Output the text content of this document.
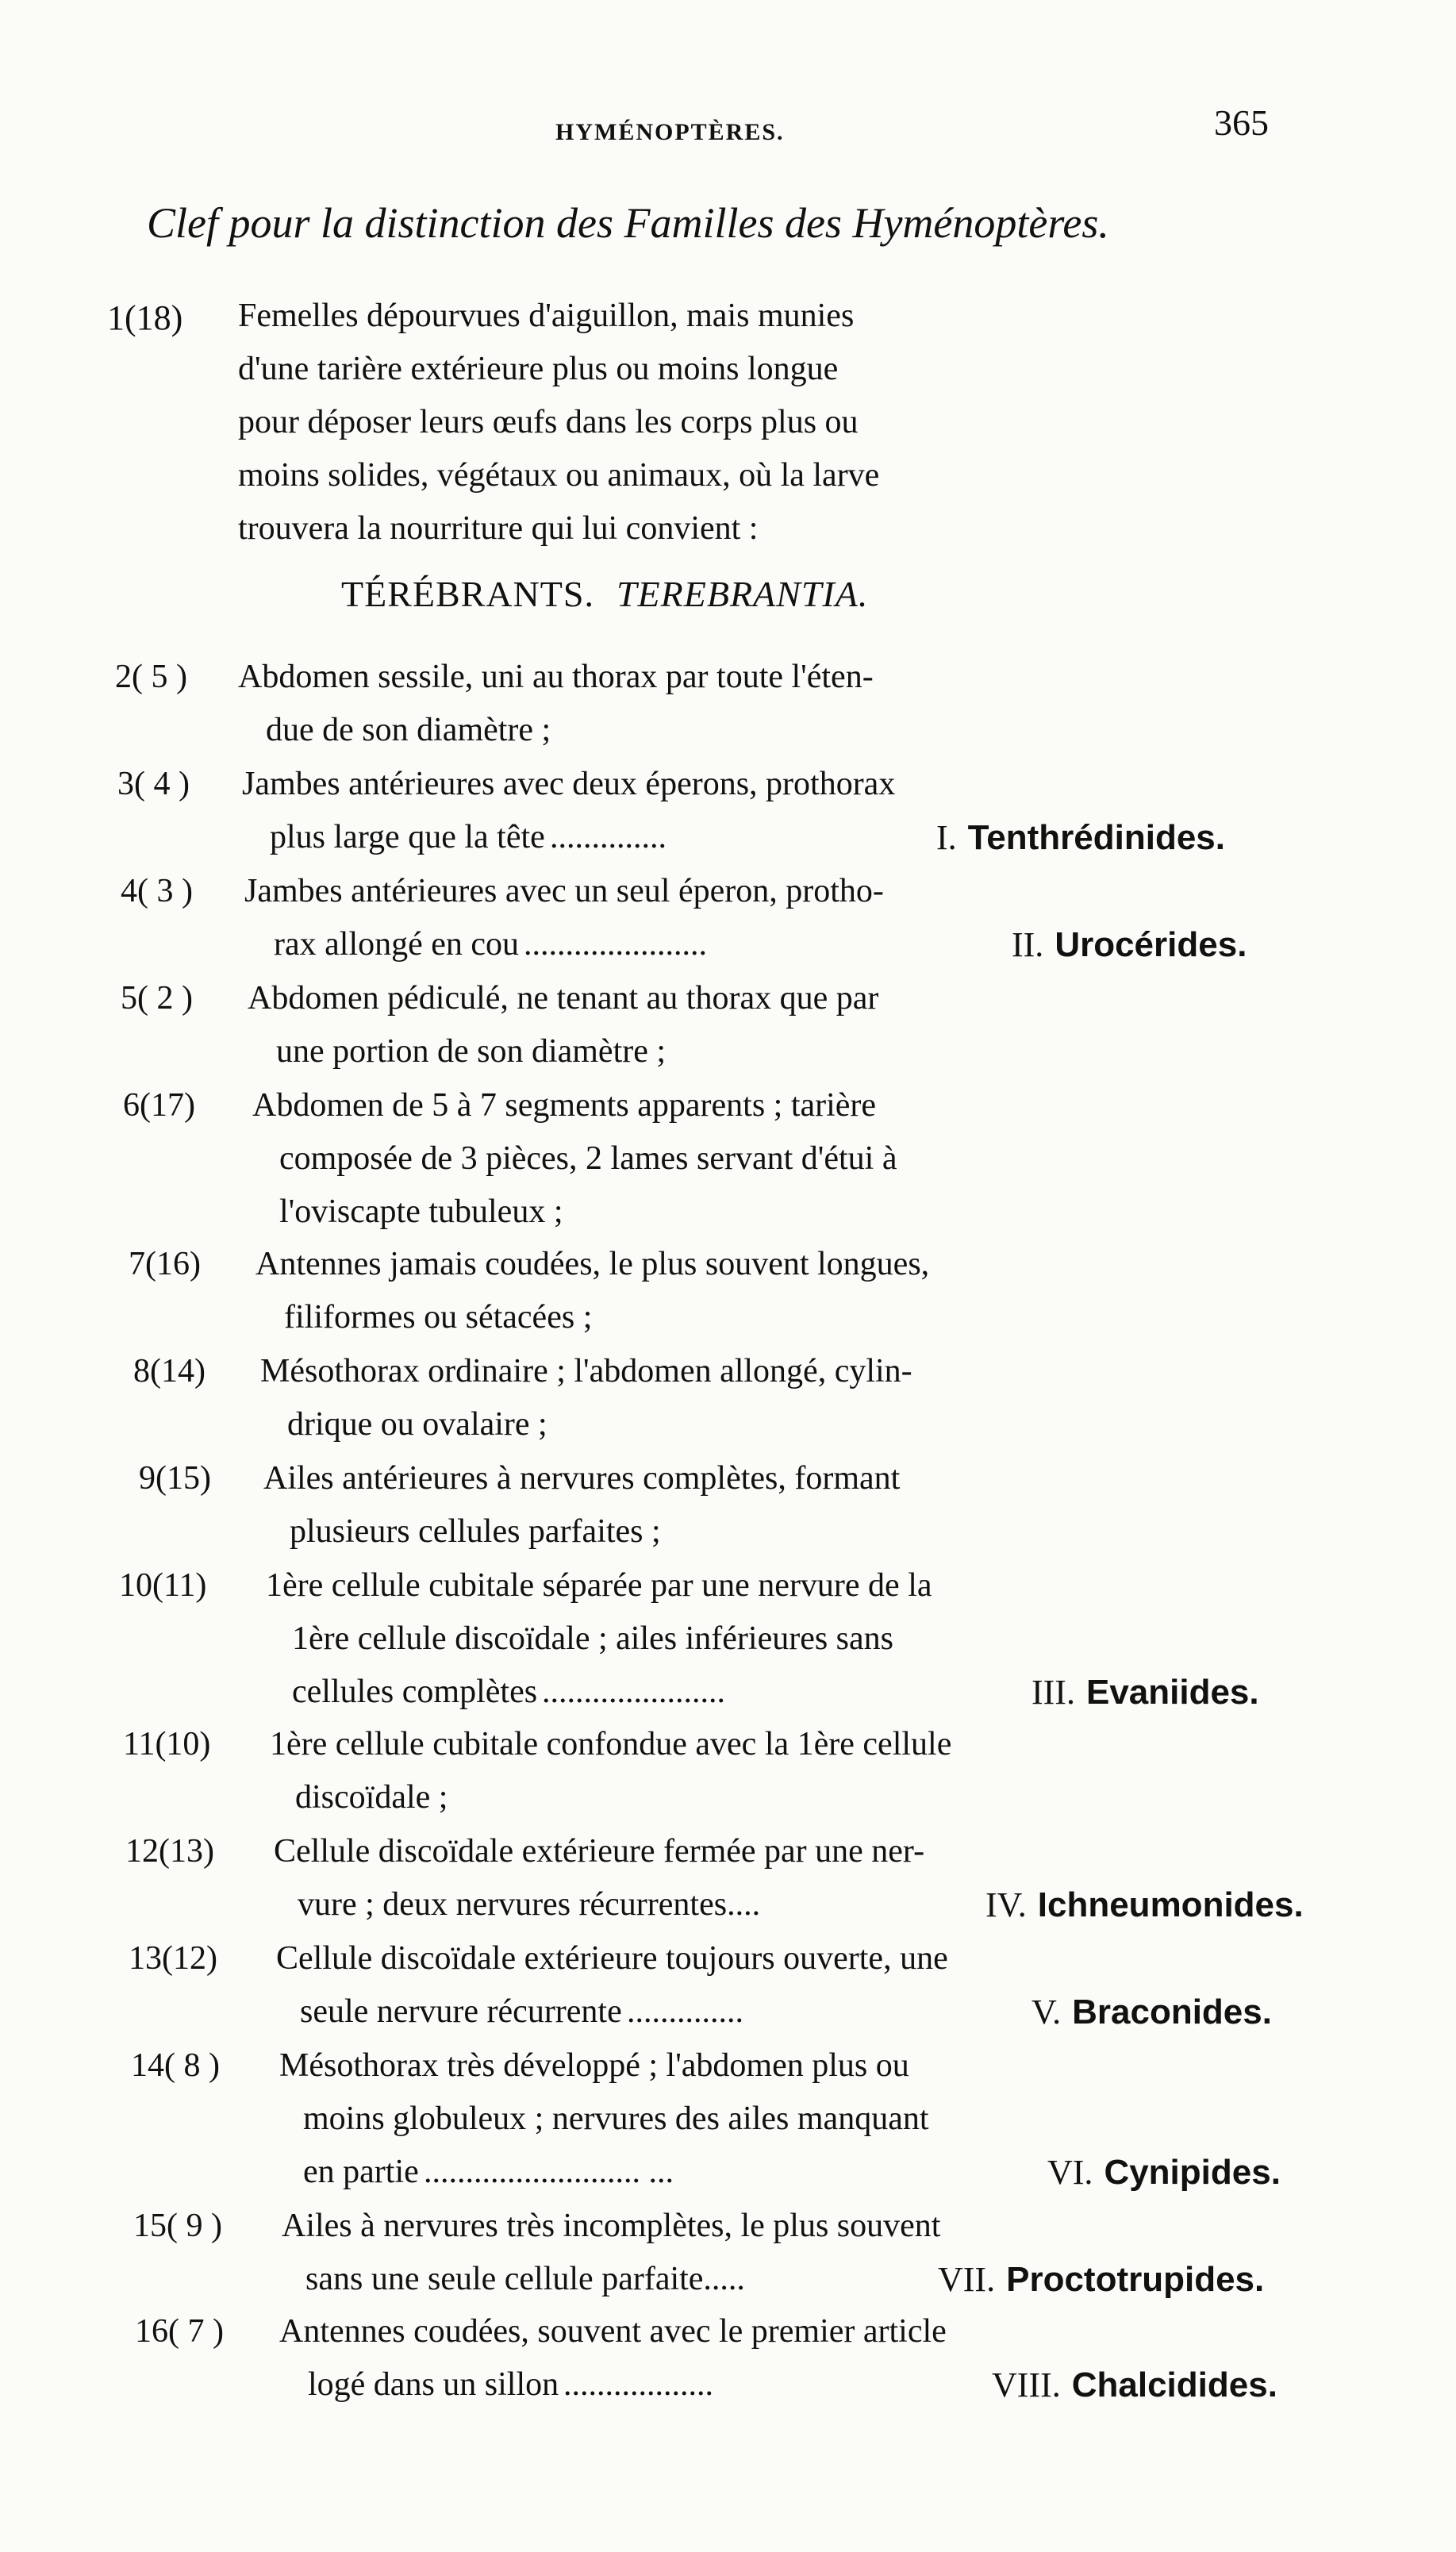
365
HYMÉNOPTÈRES.
Clef pour la distinction des Familles des Hyménoptères.
1(18) Femelles dépourvues d'aiguillon, mais munies
d'une tarière extérieure plus ou moins longue
pour déposer leurs œufs dans les corps plus ou
moins solides, végétaux ou animaux, où la larve
trouvera la nourriture qui lui convient :
TÉRÉBRANTS. TEREBRANTIA.
2( 5 ) Abdomen sessile, uni au thorax par toute l'éten-
due de son diamètre ;
3( 4 ) Jambes antérieures avec deux éperons, prothorax
plus large que la tête ..............	I. Tenthrédinides.
4( 3 ) Jambes antérieures avec un seul éperon, protho-
rax allongé en cou ......................	II. Urocérides.
5( 2 ) Abdomen pédiculé, ne tenant au thorax que par
une portion de son diamètre ;
6(17) Abdomen de 5 à 7 segments apparents ; tarière
composée de 3 pièces, 2 lames servant d'étui à
l'oviscapte tubuleux ;
7(16) Antennes jamais coudées, le plus souvent longues,
filiformes ou sétacées ;
8(14) Mésothorax ordinaire ; l'abdomen allongé, cylin-
drique ou ovalaire ;
9(15) Ailes antérieures à nervures complètes, formant
plusieurs cellules parfaites ;
10(11) 1ère cellule cubitale séparée par une nervure de la
1ère cellule discoïdale ; ailes inférieures sans
cellules complètes ......................	III. Evaniides.
11(10) 1ère cellule cubitale confondue avec la 1ère cellule
discoïdale ;
12(13) Cellule discoïdale extérieure fermée par une ner-
vure ; deux nervures récurrentes....	IV. Ichneumonides.
13(12) Cellule discoïdale extérieure toujours ouverte, une
seule nervure récurrente ..............	V. Braconides.
14( 8 ) Mésothorax très développé ; l'abdomen plus ou
moins globuleux ; nervures des ailes manquant
en partie .......................... ...	VI. Cynipides.
15( 9 ) Ailes à nervures très incomplètes, le plus souvent
sans une seule cellule parfaite.....	VII. Proctotrupides.
16( 7 ) Antennes coudées, souvent avec le premier article
logé dans un sillon ..................	VIII. Chalcidides.
